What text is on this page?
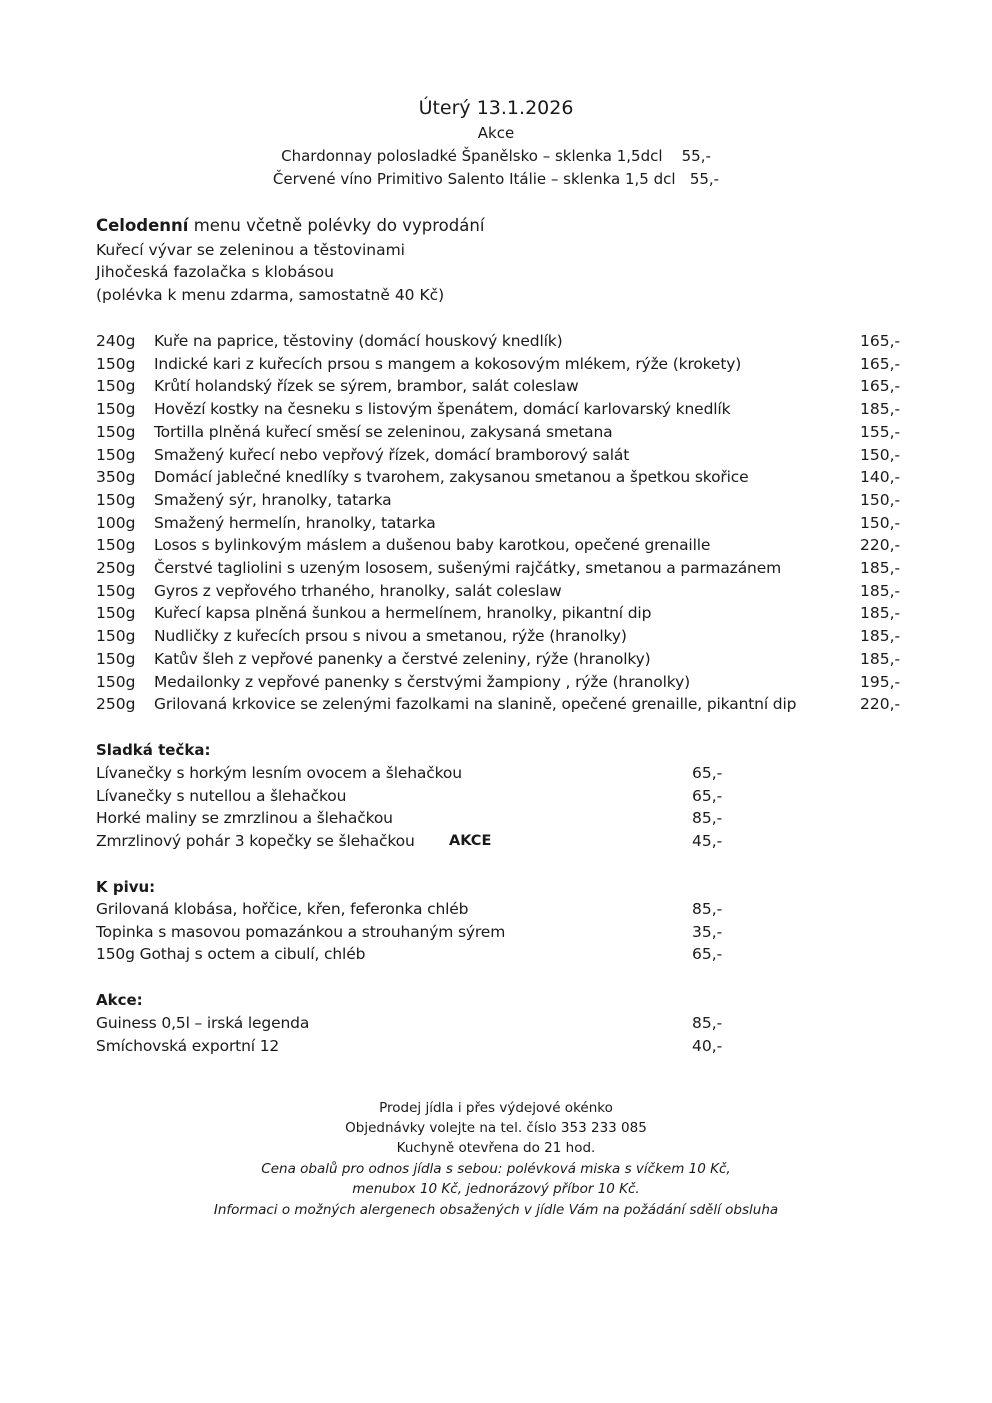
Úterý 13.1.2026
Akce
Chardonnay polosladké Španělsko – sklenka 1,5dcl    55,-
Červené víno Primitivo Salento Itálie – sklenka 1,5 dcl   55,-
Celodenní menu včetně polévky do vyprodání
Kuřecí vývar se zeleninou a těstovinami
Jihočeská fazolačka s klobásou
(polévka k menu zdarma, samostatně 40 Kč)
240g Kuře na paprice, těstoviny (domácí houskový knedlík)	165,-
150g Indické kari z kuřecích prsou s mangem a kokosovým mlékem, rýže (krokety)	165,-
150g Krůtí holandský řízek se sýrem, brambor, salát coleslaw	165,-
150g Hovězí kostky na česneku s listovým špenátem, domácí karlovarský knedlík	185,-
150g Tortilla plněná kuřecí směsí se zeleninou, zakysaná smetana	155,-
150g Smažený kuřecí nebo vepřový řízek, domácí bramborový salát	150,-
350g Domácí jablečné knedlíky s tvarohem, zakysanou smetanou a špetkou skořice	140,-
150g Smažený sýr, hranolky, tatarka	150,-
100g Smažený hermelín, hranolky, tatarka	150,-
150g Losos s bylinkovým máslem a dušenou baby karotkou, opečené grenaille	220,-
250g Čerstvé tagliolini s uzeným lososem, sušenými rajčátky, smetanou a parmazánem	185,-
150g Gyros z vepřového trhaného, hranolky, salát coleslaw	185,-
150g Kuřecí kapsa plněná šunkou a hermelínem, hranolky, pikantní dip	185,-
150g Nudličky z kuřecích prsou s nivou a smetanou, rýže (hranolky)	185,-
150g Katův šleh z vepřové panenky a čerstvé zeleniny, rýže (hranolky)	185,-
150g Medailonky z vepřové panenky s čerstvými žampiony , rýže (hranolky)	195,-
250g Grilovaná krkovice se zelenými fazolkami na slanině, opečené grenaille, pikantní dip	220,-
Sladká tečka:
Lívanečky s horkým lesním ovocem a šlehačkou	65,-
Lívanečky s nutellou a šlehačkou	65,-
Horké maliny se zmrzlinou a šlehačkou	85,-
Zmrzlinový pohár 3 kopečky se šlehačkou AKCE	45,-
K pivu:
Grilovaná klobása, hořčice, křen, feferonka chléb	85,-
Topinka s masovou pomazánkou a strouhaným sýrem	35,-
150g Gothaj s octem a cibulí, chléb	65,-
Akce:
Guiness 0,5l – irská legenda	85,-
Smíchovská exportní 12	40,-
Prodej jídla i přes výdejové okénko
Objednávky volejte na tel. číslo 353 233 085
Kuchyně otevřena do 21 hod.
Cena obalů pro odnos jídla s sebou: polévková miska s víčkem 10 Kč,
menubox 10 Kč, jednorázový příbor 10 Kč.
Informaci o možných alergenech obsažených v jídle Vám na požádání sdělí obsluha
